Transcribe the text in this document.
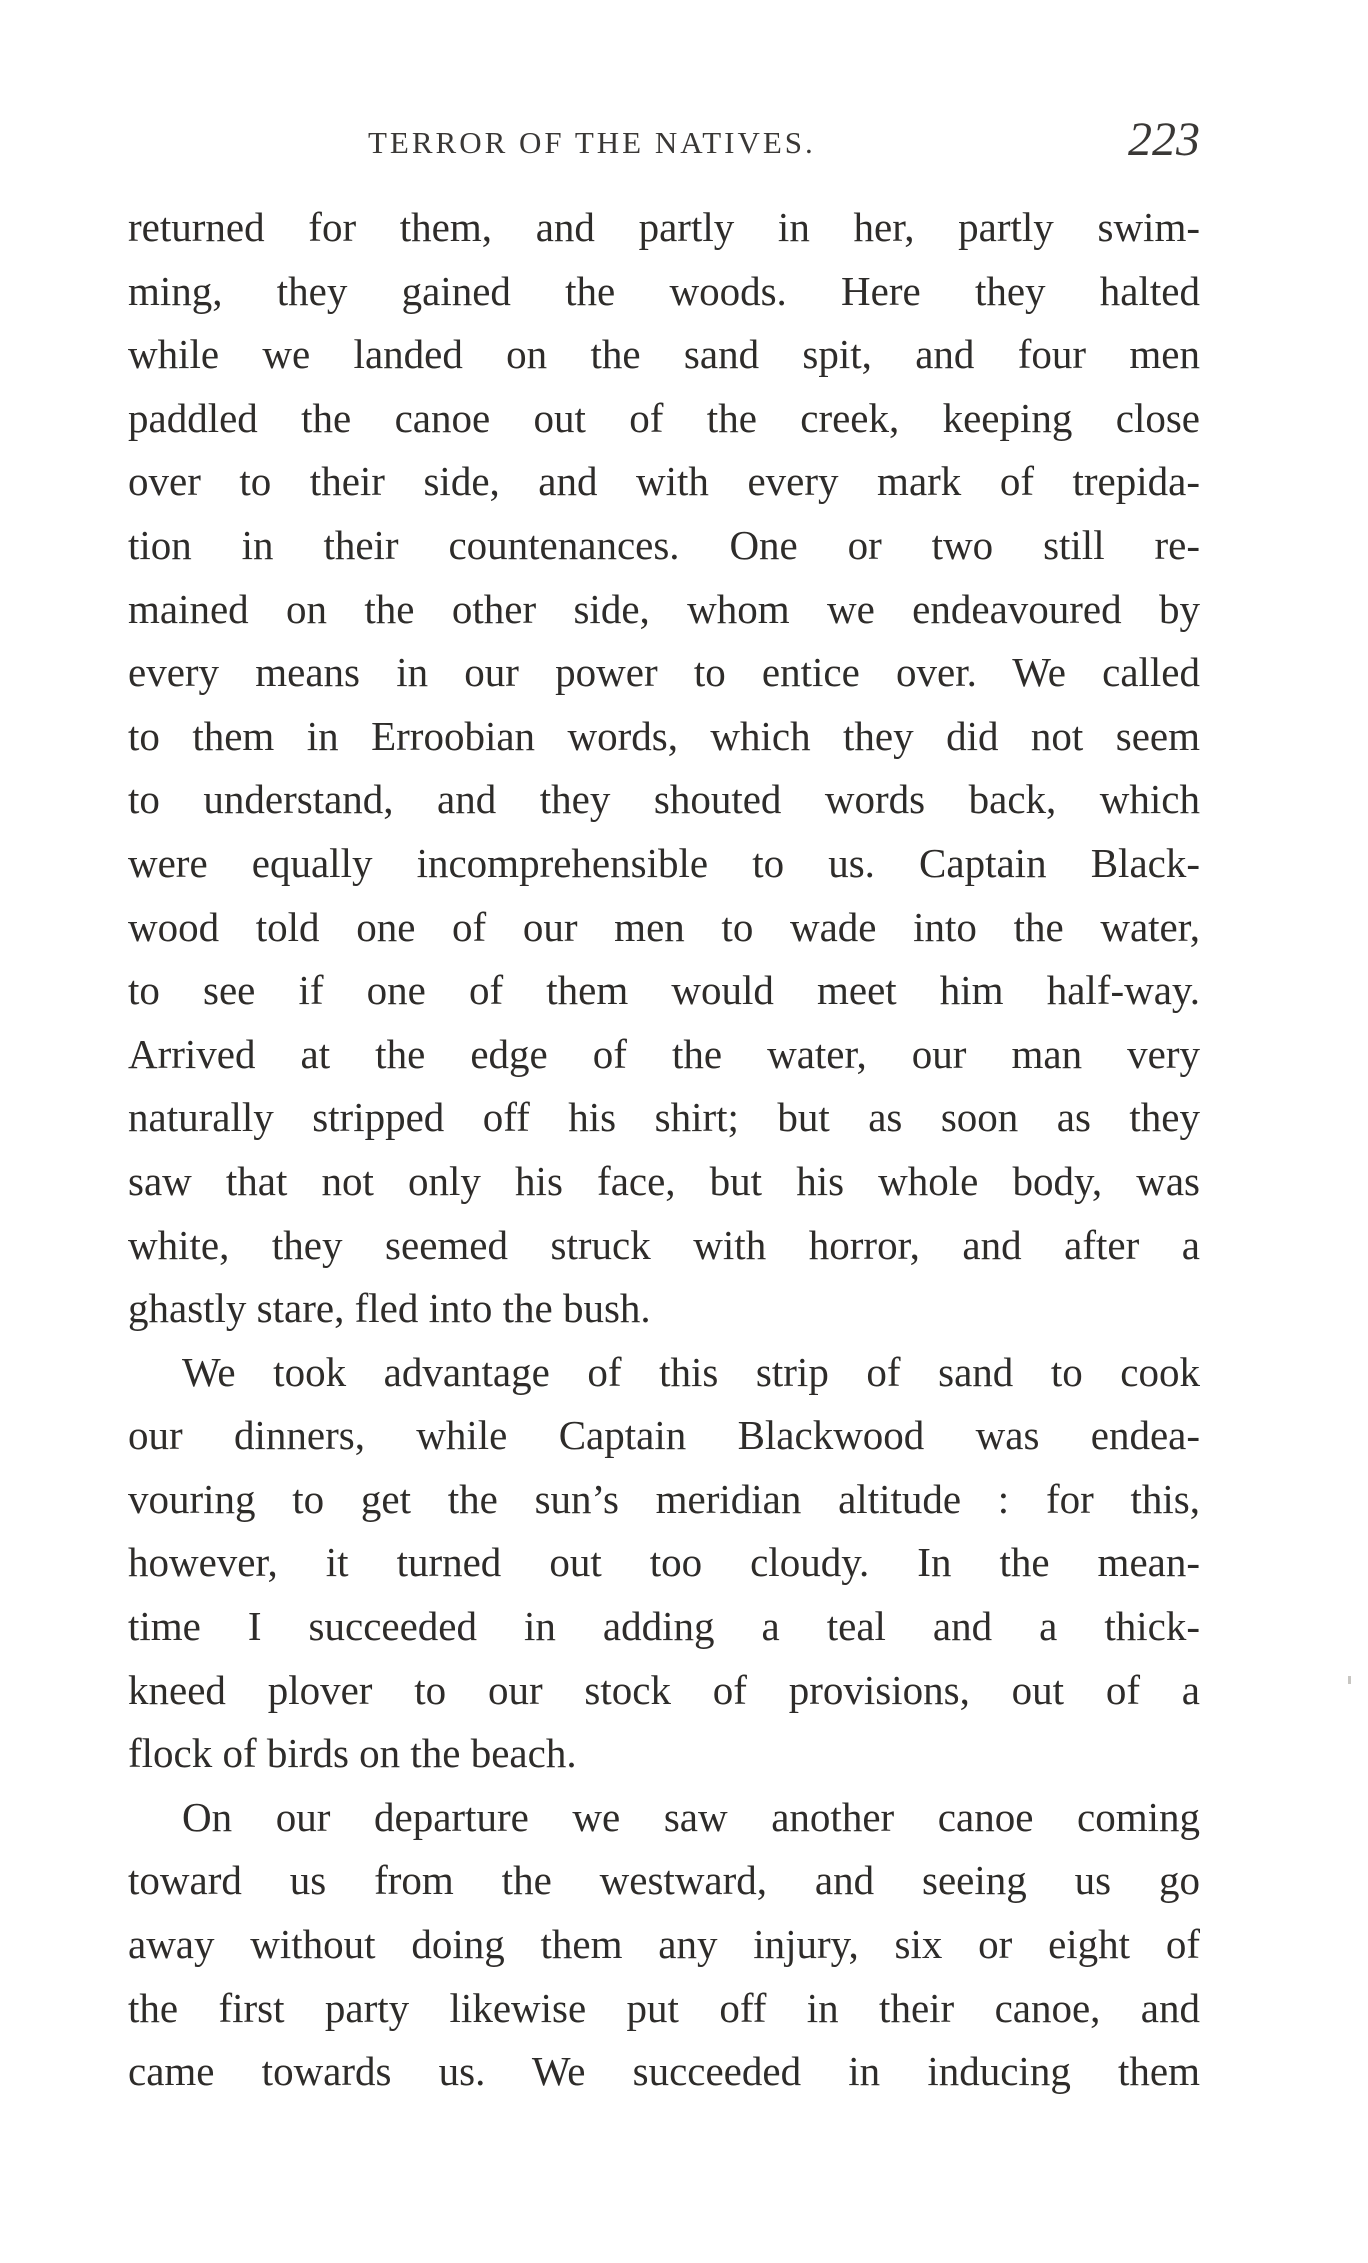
TERROR OF THE NATIVES.	223
returned for them, and partly in her, partly swim-
ming, they gained the woods. Here they halted
while we landed on the sand spit, and four men
paddled the canoe out of the creek, keeping close
over to their side, and with every mark of trepida-
tion in their countenances. One or two still re-
mained on the other side, whom we endeavoured by
every means in our power to entice over. We called
to them in Erroobian words, which they did not seem
to understand, and they shouted words back, which
were equally incomprehensible to us. Captain Black-
wood told one of our men to wade into the water,
to see if one of them would meet him half-way.
Arrived at the edge of the water, our man very
naturally stripped off his shirt; but as soon as they
saw that not only his face, but his whole body, was
white, they seemed struck with horror, and after a
ghastly stare, fled into the bush.
We took advantage of this strip of sand to cook
our dinners, while Captain Blackwood was endea-
vouring to get the sun’s meridian altitude : for this,
however, it turned out too cloudy. In the mean-
time I succeeded in adding a teal and a thick-
kneed plover to our stock of provisions, out of a
flock of birds on the beach.
On our departure we saw another canoe coming
toward us from the westward, and seeing us go
away without doing them any injury, six or eight of
the first party likewise put off in their canoe, and
came towards us. We succeeded in inducing them
